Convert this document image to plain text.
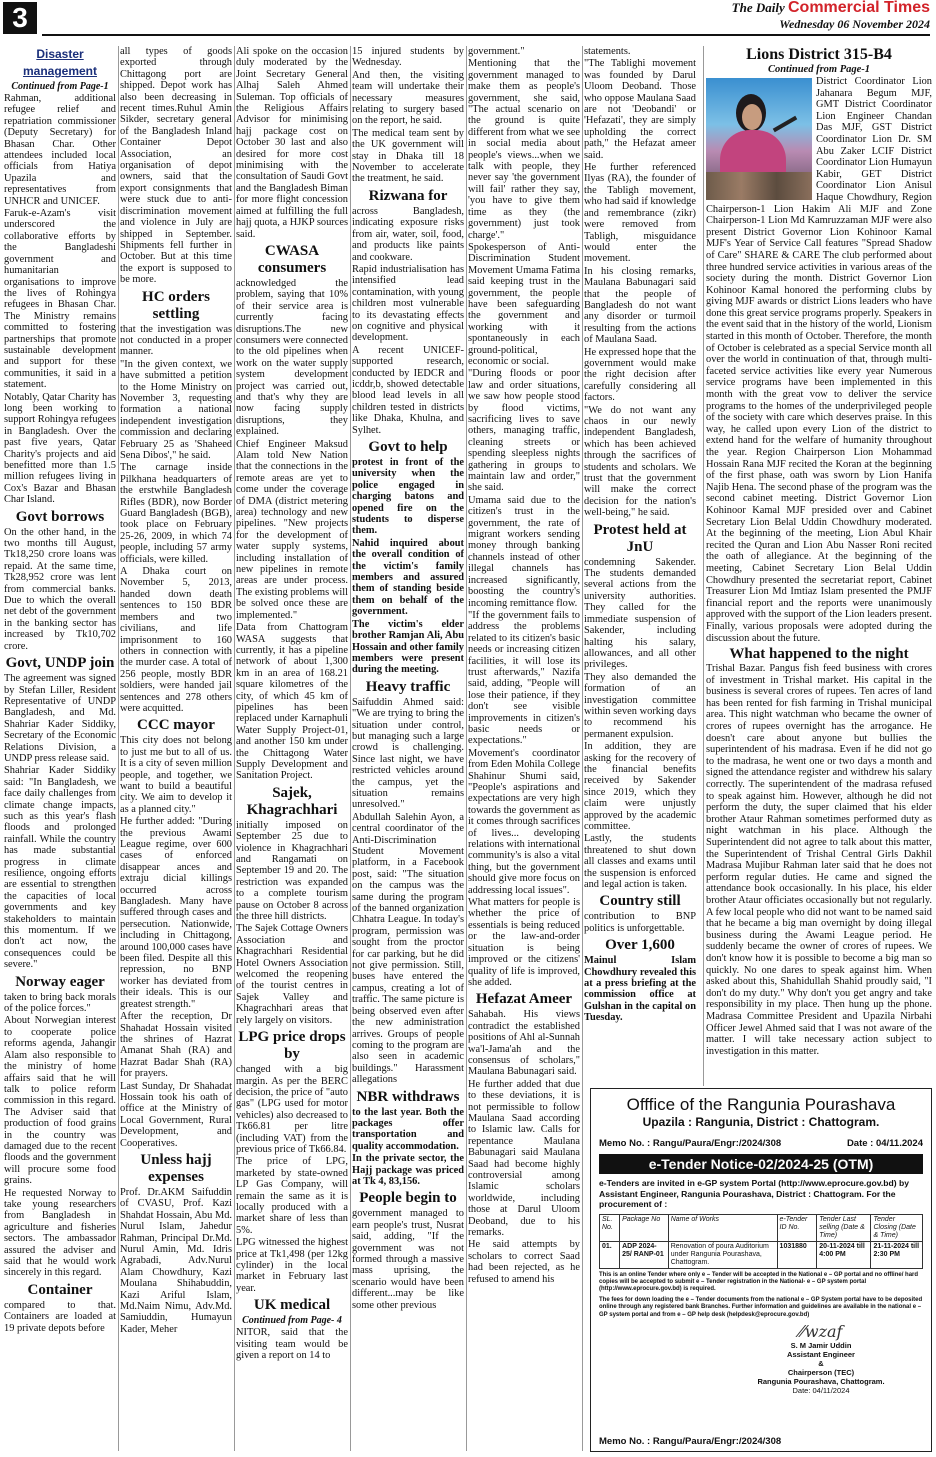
3	The Daily Commercial Times
Wednesday 06 November 2024
Disaster management
Continued from Page-1

Rahman, additional refugee relief and repatriation commissioner (Deputy Secretary) for Bhasan Char. Other attendees included local officials from Hatiya Upazila and representatives from UNHCR and UNICEF.

Faruk-e-Azam's visit underscored the collaborative efforts by the Bangladeshi government and humanitarian organisations to improve the lives of Rohingya refugees in Bhasan Char. The Ministry remains committed to fostering partnerships that promote sustainable development and support for these communities, it said in a statement.

Notably, Qatar Charity has long been working to support Rohingya refugees in Bangladesh. Over the past five years, Qatar Charity's projects and aid benefitted more than 1.5 million refugees living in Cox's Bazar and Bhasan Char Island.

Govt borrows

On the other hand, in the two months till August, Tk18,250 crore loans was repaid. At the same time, Tk28,952 crore was lent from commercial banks. Due to which the overall net debt of the government in the banking sector has increased by Tk10,702 crore.

Govt, UNDP join

The agreement was signed by Stefan Liller, Resident Representative of UNDP Bangladesh, and Md. Shahriar Kader Siddiky, Secretary of the Economic Relations Division, a UNDP press release said.

Shahriar Kader Siddiky said: "In Bangladesh, we face daily challenges from climate change impacts, such as this year's flash floods and prolonged rainfall. While the country has made substantial progress in climate resilience, ongoing efforts are essential to strengthen the capacities of local governments and key stakeholders to maintain this momentum. If we don't act now, the consequences could be severe."

Norway eager

taken to bring back morals of the police forces."

About Norwegian interest to cooperate police reforms agenda, Jahangir Alam also responsible to the ministry of home affairs said that he will talk to police reform commission in this regard. The Adviser said that production of food grains in the country was damaged due to the recent floods and the government will procure some food grains.

He requested Norway to take young researchers from Bangladesh in agriculture and fisheries sectors. The ambassador assured the adviser and said that he would work sincerely in this regard.

Container

compared to that. Containers are loaded at 19 private depots before

all types of goods exported through Chittagong port are shipped. Depot work has also been decreasing in recent times.Ruhul Amin Sikder, secretary general of the Bangladesh Inland Container Depot Association, an organisation of depot owners, said that the export consignments that were stuck due to anti-discrimination movement and violence in July are shipped in September. Shipments fell further in October. But at this time the export is supposed to be more.

HC orders settling

that the investigation was not conducted in a proper manner.

"In the given context, we have submitted a petition to the Home Ministry on November 3, requesting formation a national independent investigation commission and declaring February 25 as 'Shaheed Sena Dibos'," he said.

The carnage inside Pilkhana headquarters of the erstwhile Bangladesh Rifles (BDR), now Border Guard Bangladesh (BGB), took place on February 25-26, 2009, in which 74 people, including 57 army officials, were killed.

A Dhaka court on November 5, 2013, handed down death sentences to 150 BDR members and two civilians, and life imprisonment to 160 others in connection with the murder case. A total of 256 people, mostly BDR soldiers, were handed jail sentences and 278 others were acquitted.

CCC mayor

This city does not belong to just me but to all of us. It is a city of seven million people, and together, we want to build a beautiful city. We aim to develop it as a planned city."

He further added: "During the previous Awami League regime, over 600 cases of enforced disappear ances and extraju dicial killings occurred across Bangladesh. Many have suffered through cases and persecution. Nationwide, including in Chittagong, around 100,000 cases have been filed. Despite all this repression, no BNP worker has deviated from their ideals. This is our greatest strength."

After the reception, Dr Shahadat Hossain visited the shrines of Hazrat Amanat Shah (RA) and Hazrat Badar Shah (RA) for prayers.

Last Sunday, Dr Shahadat Hossain took his oath of office at the Ministry of Local Government, Rural Development, and Cooperatives.

Unless hajj expenses

Prof. Dr.AKM Saifuddin of CVASU, Prof. Kazi Shahdat Hossain, Abu Md. Nurul Islam, Jahedur Rahman, Principal Dr.Md. Nurul Amin, Md. Idris Agrabadi, Adv.Nurul Alam Chowdhury, Kazi Moulana Shihabuddin, Kazi Ariful Islam, Md.Naim Nimu, Adv.Md. Samiuddin, Humayun Kader, Meher

Ali spoke on the occasion duly moderated by the Joint Secretary General Alhaj Saleh Ahmed Suleman. Top officials of the Religious Affairs Advisor for minimising hajj package cost on October 30 last and also desired for more cost minimising with the consultation of Saudi Govt and the Bangladesh Biman for more flight concession aimed at fulfilling the full hajj quota, a HJKP sources said.

CWASA consumers

acknowledged the problem, saying that 10% of their service area is currently facing disruptions.The new consumers were connected to the old pipelines when work on the water supply system development project was carried out, and that's why they are now facing supply disruptions, they explained.

Chief Engineer Maksud Alam told New Nation that the connections in the remote areas are yet to come under the coverage of DMA (district metering area) technology and new pipelines. "New projects for the development of water supply systems, including installation of new pipelines in remote areas are under process. The existing problems will be solved once these are implemented."

Data from Chattogram WASA suggests that currently, it has a pipeline network of about 1,300 km in an area of 168.21 square kilometres of the city, of which 45 km of pipelines has been replaced under Karnaphuli Water Supply Project-01, and another 150 km under the Chittagong Water Supply Development and Sanitation Project.

Sajek, Khagrachhari

initially imposed on September 25 due to violence in Khagrachhari and Rangamati on September 19 and 20. The restriction was expanded to a complete tourism pause on October 8 across the three hill districts.

The Sajek Cottage Owners Association and Khagrachhari Residential Hotel Owners Association welcomed the reopening of the tourist centres in Sajek Valley and Khagrachhari areas that rely largely on visitors.

LPG price drops by

changed with a big margin. As per the BERC decision, the price of "auto gas" (LPG used for motor vehicles) also decreased to Tk66.81 per litre (including VAT) from the previous price of Tk66.84.

The price of LPG, marketed by state-owned LP Gas Company, will remain the same as it is locally produced with a market share of less than 5%.

LPG witnessed the highest price at Tk1,498 (per 12kg cylinder) in the local market in February last year.

UK medical
Continued from Page- 4

NITOR, said that the visiting team would be given a report on 14 to

15 injured students by Wednesday.

And then, the visiting team will undertake their necessary measures relating to surgery based on the report, he said.

The medical team sent by the UK government will stay in Dhaka till 18 November to accelerate the treatment, he said.

Rizwana for

across Bangladesh, indicating exposure risks from air, water, soil, food, and products like paints and cookware.

Rapid industrialisation has intensified lead contamination, with young children most vulnerable to its devastating effects on cognitive and physical development.

A recent UNICEF-supported research, conducted by IEDCR and icddr,b, showed detectable blood lead levels in all children tested in districts like Dhaka, Khulna, and Sylhet.

Govt to help

protest in front of the university when the police engaged in charging batons and opened fire on the students to disperse them.

Nahid inquired about the overall condition of the victim's family members and assured them of standing beside them on behalf of the government.

The victim's elder brother Ramjan Ali, Abu Hossain and other family members were present during the meeting.

Heavy traffic

Saifuddin Ahmed said: "We are trying to bring the situation under control, but managing such a large crowd is challenging. Since last night, we have restricted vehicles around the campus, yet the situation remains unresolved."

Abdullah Salehin Ayon, a central coordinator of the Anti-Discrimination Student Movement platform, in a Facebook post, said: "The situation on the campus was the same during the program of the banned organization Chhatra League. In today's program, permission was sought from the proctor for car parking, but he did not give permission. Still, buses have entered the campus, creating a lot of traffic. The same picture is being observed even after the new administration arrives. Groups of people coming to the program are also seen in academic buildings." Harassment allegations

NBR withdraws

to the last year. Both the packages offer transportation and quality accommodation.

In the private sector, the Hajj package was priced at Tk 4, 83,156.

People begin to

government managed to earn people's trust, Nusrat said, adding, "If the government was not formed through a massive mass uprising, the scenario would have been different...may be like some other previous

government."

Mentioning that the government managed to make them as people's government, she said, "The actual scenario on the ground is quite different from what we see in social media about people's views...when we talk with people, they never say 'the government will fail' rather they say, 'you have to give them time as they (the government) just took charge'."

Spokesperson of Anti-Discrimination Student Movement Umama Fatima said keeping trust in the government, the people have been safeguarding the government and working with it spontaneously in each ground-political, economic or social.

"During floods or poor law and order situations, we saw how people stood by flood victims, sacrificing lives to save others, managing traffic, cleaning streets or spending sleepless nights gathering in groups to maintain law and order," she said.

Umama said due to the citizen's trust in the government, the rate of migrant workers sending money through banking channels instead of other illegal channels has increased significantly, boosting the country's incoming remittance flow.

"If the government fails to address the problems related to its citizen's basic needs or increasing citizen facilities, it will lose its trust afterwards," Nazifa said, adding, "People will lose their patience, if they don't see visible improvements in citizen's basic needs or expectations."

Movement's coordinator from Eden Mohila College Shahinur Shumi said, "People's aspirations and expectations are very high towards the government as it comes through sacrifices of lives... developing relations with international community's is also a vital thing, but the government should give more focus on addressing local issues".

What matters for people is whether the price of essentials is being reduced or the law-and-order situation is being improved or the citizens' quality of life is improved, she added.

Hefazat Ameer

Sahabah. His views contradict the established positions of Ahl al-Sunnah wa'l-Jama'ah and the consensus of scholars," Maulana Babunagari said.

He further added that due to these deviations, it is not permissible to follow Maulana Saad according to Islamic law. Calls for repentance Maulana Babunagari said Maulana Saad had become highly controversial among Islamic scholars worldwide, including those at Darul Uloom Deoband, due to his remarks.

He said attempts by scholars to correct Saad had been rejected, as he refused to amend his

statements.

"The Tablighi movement was founded by Darul Uloom Deoband. Those who oppose Maulana Saad are not 'Deobandi' or 'Hefazati', they are simply upholding the correct path," the Hefazat ameer said.

He further referenced Ilyas (RA), the founder of the Tabligh movement, who had said if knowledge and remembrance (zikr) were removed from Tabligh, misguidance would enter the movement.

In his closing remarks, Maulana Babunagari said that the people of Bangladesh do not want any disorder or turmoil resulting from the actions of Maulana Saad.

He expressed hope that the government would make the right decision after carefully considering all factors.

"We do not want any chaos in our newly independent Bangladesh, which has been achieved through the sacrifices of students and scholars. We trust that the government will make the correct decision for the nation's well-being," he said.

Protest held at JnU

condemning Sakender. The students demanded several actions from the university authorities. They called for the immediate suspension of Sakender, including halting his salary, allowances, and all other privileges.

They also demanded the formation of an investigation committee within seven working days to recommend his permanent expulsion.

In addition, they are asking for the recovery of the financial benefits received by Sakender since 2019, which they claim were unjustly approved by the academic committee.

Lastly, the students threatened to shut down all classes and exams until the suspension is enforced and legal action is taken.

Country still

contribution to BNP politics is unforgettable.

Over 1,600

Mainul Islam Chowdhury revealed this at a press briefing at the commission office at Gulshan in the capital on Tuesday.

Lions District 315-B4
Continued from Page-1

District Coordinator Lion Jahanara Begum MJF, GMT District Coordinator Lion Engineer Chandan Das MJF, GST District Coordinator Lion Dr. SM Abu Zaker LCIF District Coordinator Lion Humayun Kabir, GET District Coordinator Lion Anisul Haque Chowdhury, Region Chairperson-1 Lion Hakim Ali MJF and Zone Chairperson-1 Lion Md Kamruzzaman MJF were also present District Governor Lion Kohinoor Kamal MJF's Year of Service Call features "Spread Shadow of Care" SHARE & CARE The club performed about three hundred service activities in various areas of the society during the month. District Governor Lion Kohinoor Kamal honored the performing clubs by giving MJF awards or district Lions leaders who have done this great service programs properly. Speakers in the event said that in the history of the world, Lionism started in this month of October. Therefore, the month of October is celebrated as a special Service month all over the world in continuation of that, through multi-faceted service activities like every year Numerous service programs have been implemented in this month with the great vow to deliver the service programs to the homes of the underprivileged people of the society with care which deserves praise. In this way, he called upon every Lion of the district to extend hand for the welfare of humanity throughout the year. Region Chairperson Lion Mohammad Hossain Rana MJF recited the Koran at the beginning of the first phase, oath was sworn by Lion Hanifa Najib Hena. The second phase of the program was the second cabinet meeting. District Governor Lion Kohinoor Kamal MJF presided over and Cabinet Secretary Lion Belal Uddin Chowdhury moderated. At the beginning of the meeting, Lion Abul Khair recited the Quran and Lion Abu Nasser Roni recited the oath of allegiance. At the beginning of the meeting, Cabinet Secretary Lion Belal Uddin Chowdhury presented the secretariat report, Cabinet Treasurer Lion Md Imtiaz Islam presented the PMJF financial report and the reports were unanimously approved with the support of the Lion leaders present. Finally, various proposals were adopted during the discussion about the future.

What happened to the night

Trishal Bazar. Pangus fish feed business with crores of investment in Trishal market. His capital in the business is several crores of rupees. Ten acres of land has been rented for fish farming in Trishal municipal area. This night watchman who became the owner of crores of rupees overnight has the arrogance. He doesn't care about anyone but bullies the superintendent of his madrasa. Even if he did not go to the madrasa, he went one or two days a month and signed the attendance register and withdrew his salary correctly. The superintendent of the madrasa refused to speak against him. However, although he did not perform the duty, the super claimed that his elder brother Ataur Rahman sometimes performed duty as night watchman in his place. Although the Superintendent did not agree to talk about this matter, the Superintendent of Trishal Central Girls Dakhil Madrasa Mujibur Rahman later said that he does not perform regular duties. He came and signed the attendance book occasionally. In his place, his elder brother Ataur officiates occasionally but not regularly. A few local people who did not want to be named said that he became a big man overnight by doing illegal business during the Awami League period. He suddenly became the owner of crores of rupees. We don't know how it is possible to become a big man so quickly. No one dares to speak against him. When asked about this, Shahidullah Shahid proudly said, "I don't do my duty." Why don't you get angry and take responsibility in my place. Then hung up the phone. Madrasa Committee President and Upazila Nirbahi Officer Jewel Ahmed said that I was not aware of the matter. I will take necessary action subject to investigation in this matter.

Offfice of the Rangunia Pourashava
Upazila : Rangunia, District : Chattogram.
Memo No. : Rangu/Paura/Engr:/2024/308	Date : 04/11.2024
e-Tender Notice-02/2024-25 (OTM)
e-Tenders are invited in e-GP system Portal (http://www.eprocure.gov.bd) by Assistant Engineer, Rangunia Pourashava, District : Chattogram. For the procurement of :
SL. No.	Package No	Name of Works	e-Tender ID No.	Tender Last selling (Date & Time)	Tender Closing (Date & Time)
01.	ADP 2024-25/ RANP-01	Renovation of poura Auditorium under Rangunia Pourashava, Chattogram.	1031880	20-11-2024 till 4:00 PM	21-11-2024 till 2:30 PM
This is an online Tender where only e – Tender will be accepted in the National e – GP portal and no offline/ hard copies will be accepted to submit e – Tender registration in the National- e – GP system portal (http://www.eprocure.gov.bd) is required.
The fees for down loading the e – Tender documents from the national e – GP System portal have to be deposited online through any registered bank Branches. Further information and guidelines are available in the national e – GP system portal and from e – GP help desk (helpdesk@eprocure.gov.bd)
⁄⁄wzaf
S. M Jamir Uddin
Assistant Engineer
&
Chairperson (TEC)
Rangunia Pourashava, Chattogram.
Date: 04/11/2024
Memo No. : Rangu/Paura/Engr:/2024/308
